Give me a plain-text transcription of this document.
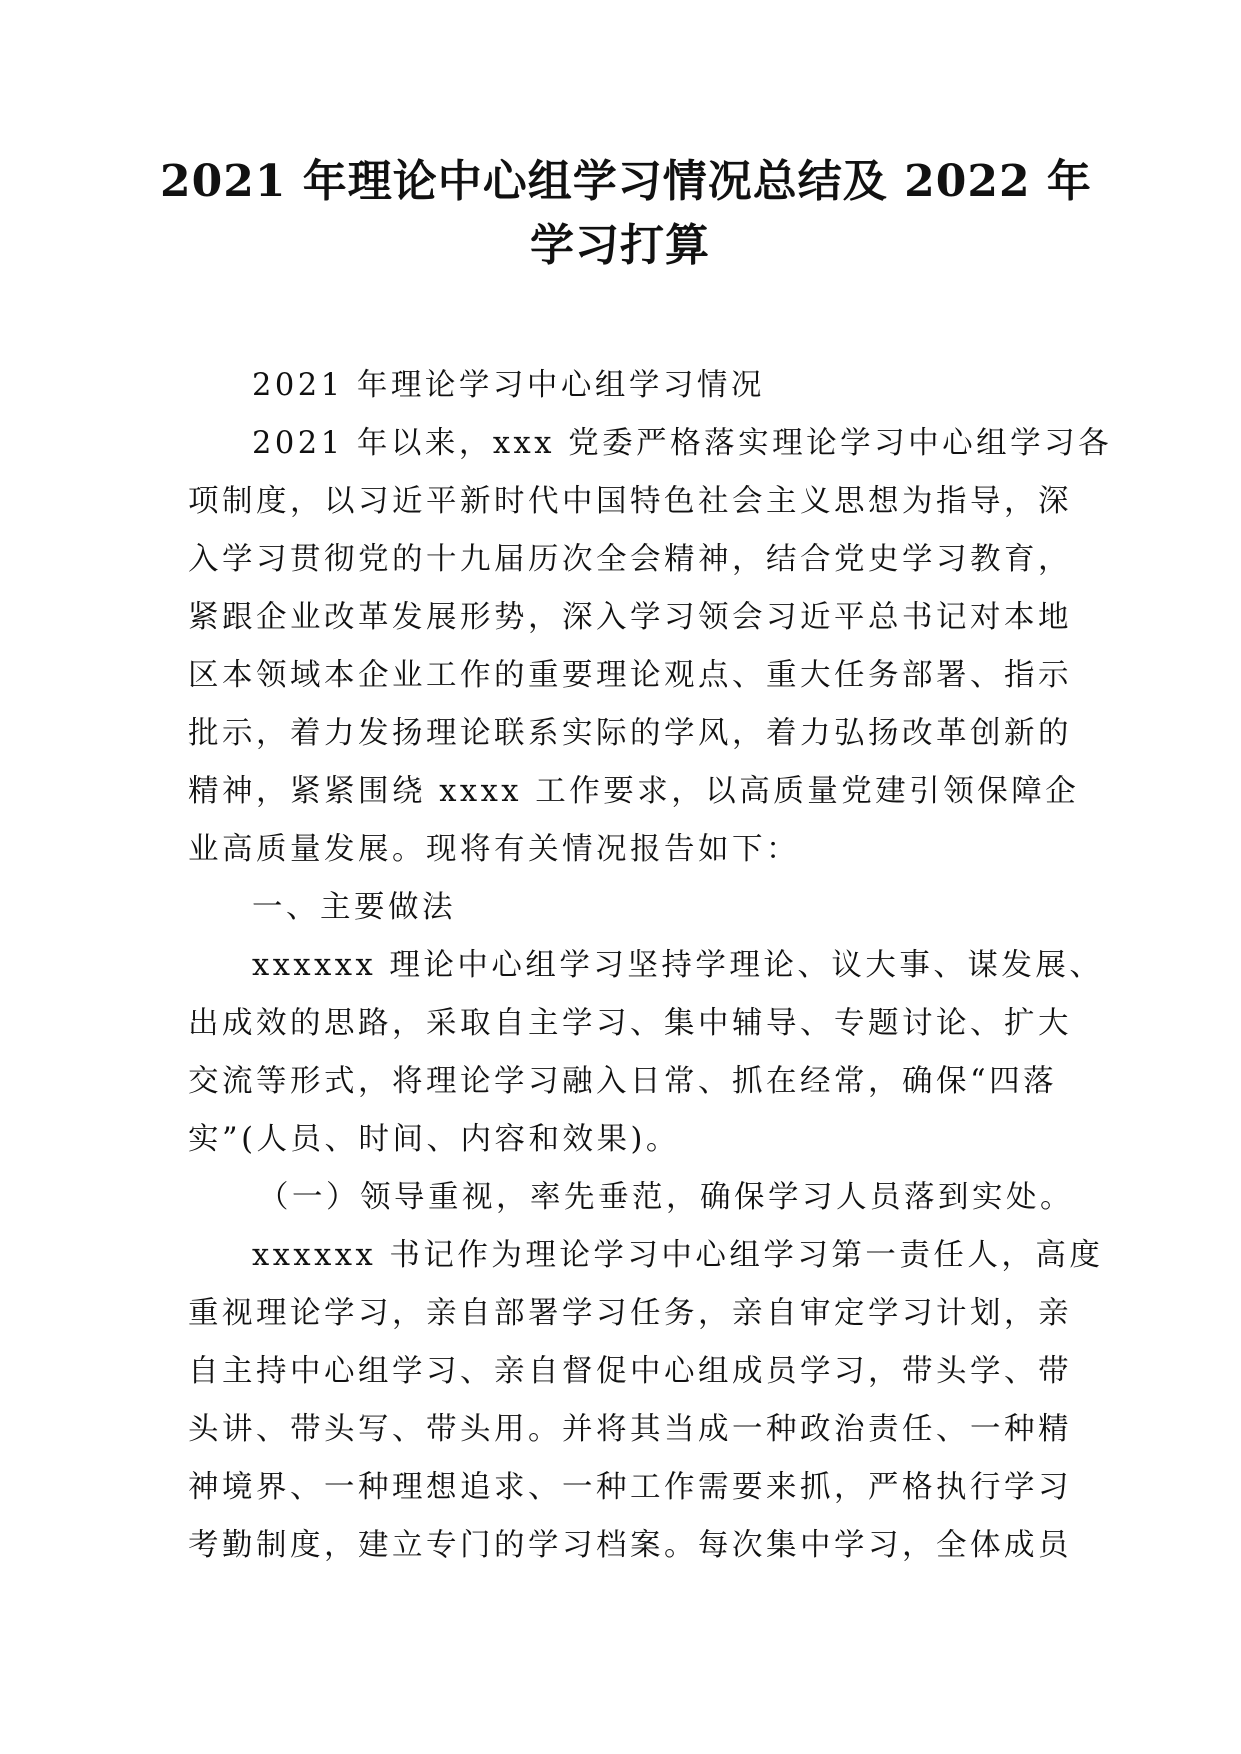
2021 年理论中心组学习情况总结及 2022 年
学习打算
2021 年理论学习中心组学习情况
2021 年以来，xxx 党委严格落实理论学习中心组学习各
项制度，以习近平新时代中国特色社会主义思想为指导，深
入学习贯彻党的十九届历次全会精神，结合党史学习教育，
紧跟企业改革发展形势，深入学习领会习近平总书记对本地
区本领域本企业工作的重要理论观点、重大任务部署、指示
批示，着力发扬理论联系实际的学风，着力弘扬改革创新的
精神，紧紧围绕 xxxx 工作要求，以高质量党建引领保障企
业高质量发展。现将有关情况报告如下：
一、主要做法
xxxxxx 理论中心组学习坚持学理论、议大事、谋发展、
出成效的思路，采取自主学习、集中辅导、专题讨论、扩大
交流等形式，将理论学习融入日常、抓在经常，确保“四落
实”(人员、时间、内容和效果)。
（一）领导重视，率先垂范，确保学习人员落到实处。
xxxxxx 书记作为理论学习中心组学习第一责任人，高度
重视理论学习，亲自部署学习任务，亲自审定学习计划，亲
自主持中心组学习、亲自督促中心组成员学习，带头学、带
头讲、带头写、带头用。并将其当成一种政治责任、一种精
神境界、一种理想追求、一种工作需要来抓，严格执行学习
考勤制度，建立专门的学习档案。每次集中学习，全体成员
